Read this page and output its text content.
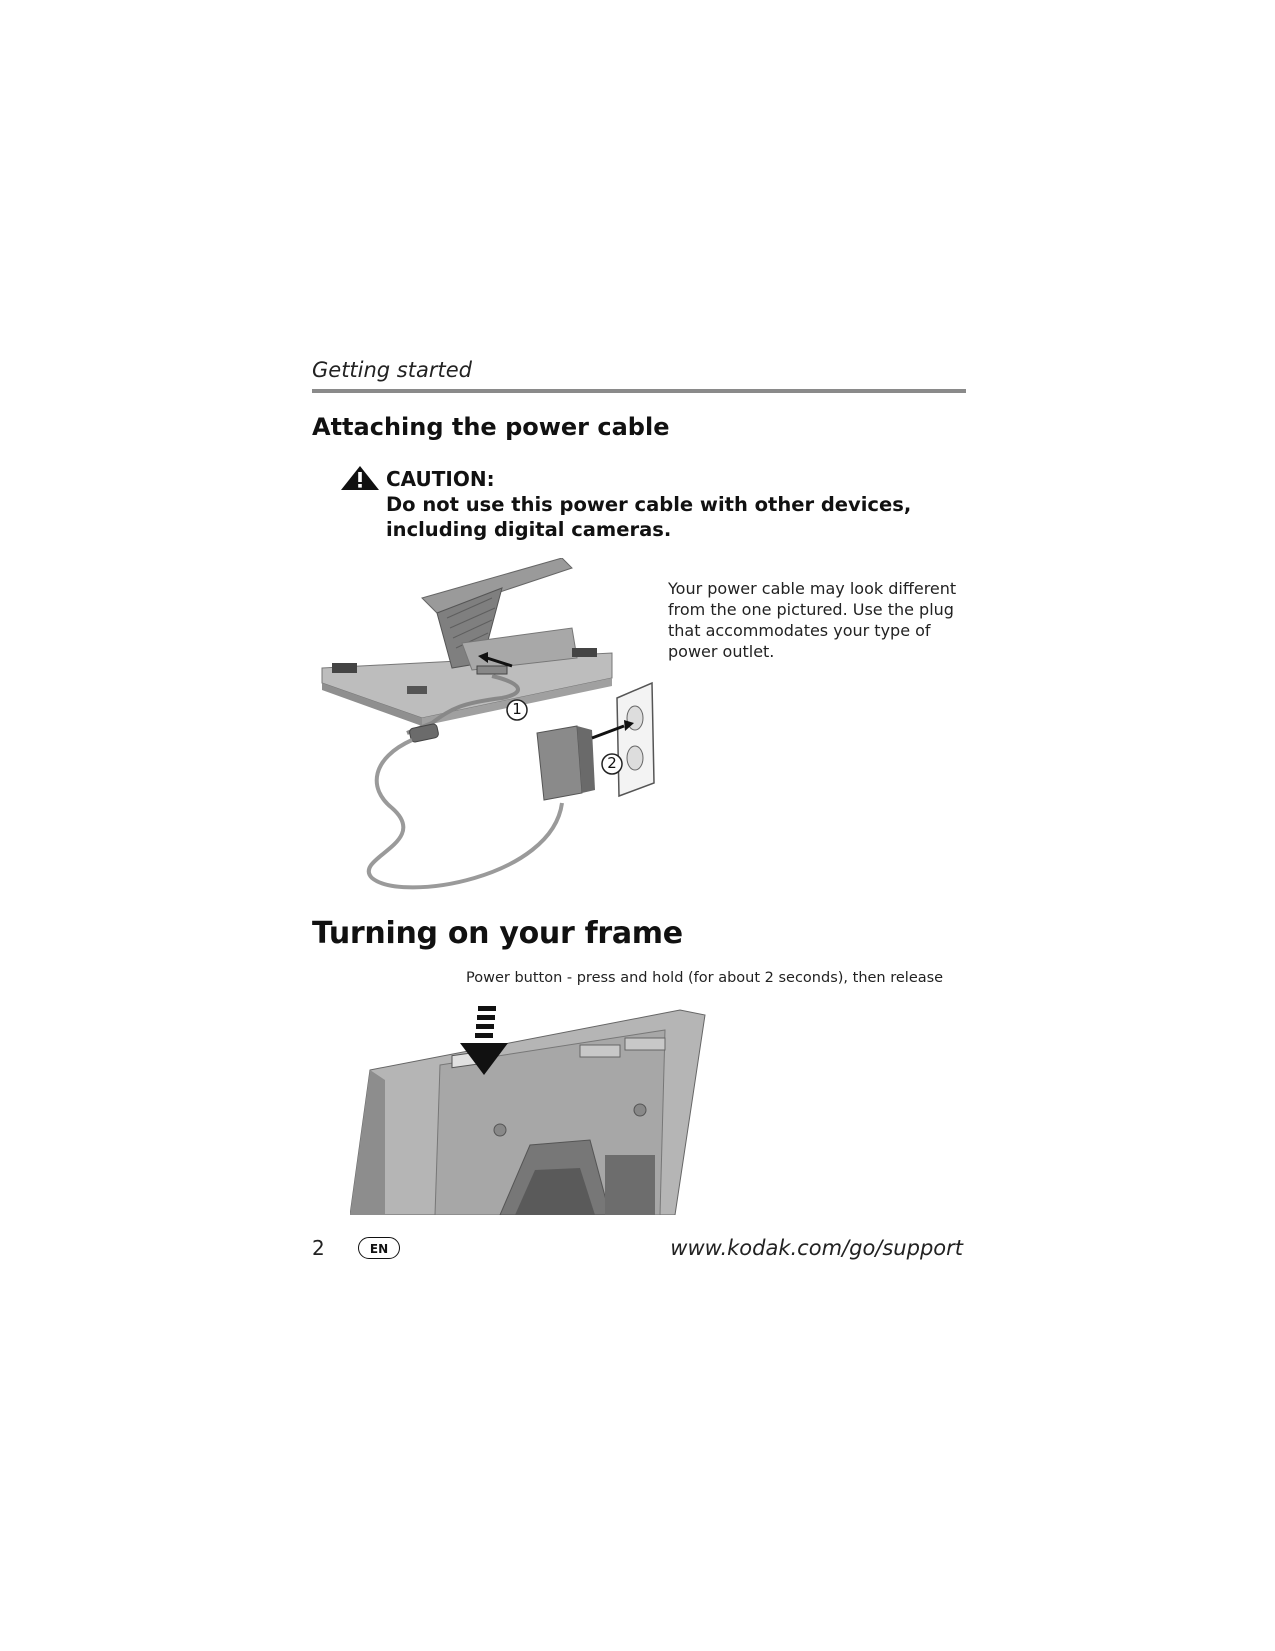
Getting started
Attaching the power cable
CAUTION:
Do not use this power cable with other devices, including digital cameras.
1
2
Your power cable may look different from the one pictured. Use the plug that accommodates your type of power outlet.
Turning on your frame
Power button - press and hold (for about 2 seconds), then release
2	EN	www.kodak.com/go/support
